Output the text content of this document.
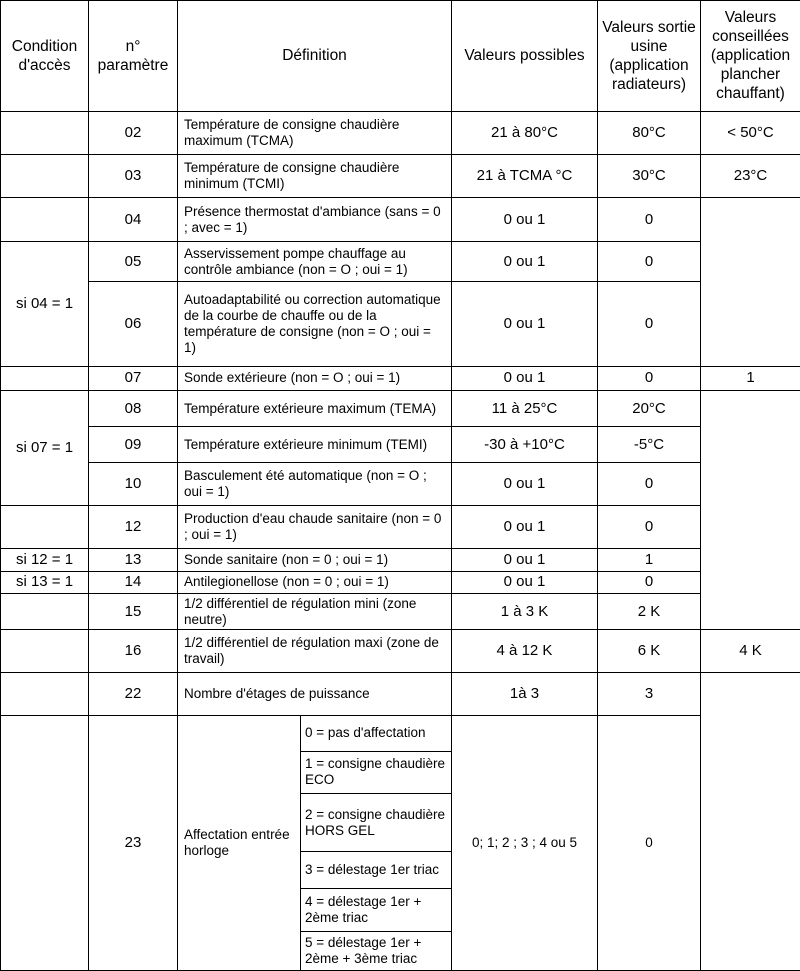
Condition d'accès	n° paramètre	Définition		Valeurs possibles	Valeurs sortie usine (application radiateurs)	Valeurs conseillées (application plancher chauffant)	
	02	Température de consigne chaudière maximum (TCMA)		21 à 80°C	80°C	< 50°C	
	03	Température de consigne chaudière minimum (TCMI)		21 à TCMA °C	30°C	23°C	
	04	Présence thermostat d'ambiance (sans = 0 ; avec = 1)		0 ou 1	0		
si 04 = 1	05	Asservissement pompe chauffage au contrôle ambiance (non = O ; oui = 1)		0 ou 1	0		
	06	Autoadaptabilité ou correction automatique de la courbe de chauffe ou de la température de consigne (non = O ; oui = 1)		0 ou 1	0		
	07	Sonde extérieure (non = O ; oui = 1)		0 ou 1	0	1	
si 07 = 1	08	Température extérieure maximum (TEMA)		11 à 25°C	20°C		
	09	Température extérieure minimum (TEMI)		-30 à +10°C	-5°C		
	10	Basculement été automatique (non = O ; oui = 1)		0 ou 1	0		
	12	Production d'eau chaude sanitaire (non = 0 ; oui = 1)		0 ou 1	0		
si 12 = 1	13	Sonde sanitaire (non = 0 ; oui = 1)		0 ou 1	1		
si 13 = 1	14	Antilegionellose (non = 0 ; oui = 1)		0 ou 1	0		
	15	1/2 différentiel de régulation mini (zone neutre)		1 à 3 K	2 K	
	16	1/2 différentiel de régulation maxi (zone de travail)		4 à 12 K	6 K	4 K	
	22	Nombre d'étages de puissance		1à 3	3		
	23	Affectation entrée horloge	0 = pas d'affectation	0; 1; 2 ; 3 ; 4 ou 5	0		
			1 = consigne chaudière ECO				
			2 = consigne chaudière HORS GEL				
			3 = délestage 1er triac				
			4 = délestage 1er + 2ème triac				
			5 = délestage 1er + 2ème + 3ème triac				
